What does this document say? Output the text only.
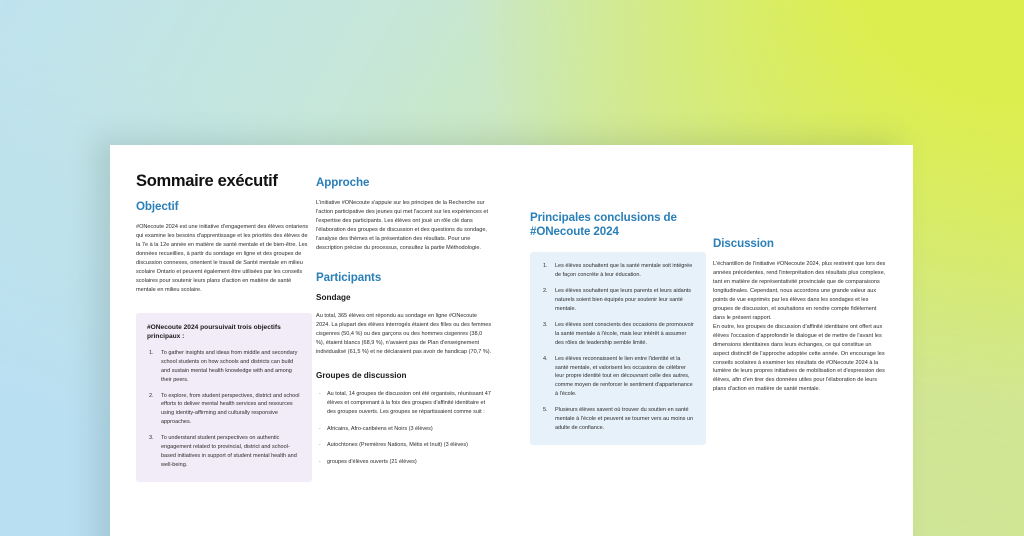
Sommaire exécutif
Objectif

#ONecoute 2024 est une initiative d'engagement des élèves ontariens qui examine les besoins d'apprentissage et les priorités des élèves de la 7e à la 12e année en matière de santé mentale et de bien-être. Les données recueillies, à partir du sondage en ligne et des groupes de discussion connexes, orientent le travail de Santé mentale en milieu scolaire Ontario et peuvent également être utilisées par les conseils scolaires pour soutenir leurs plans d'action en matière de santé mentale en milieu scolaire.

#ONecoute 2024 poursuivait trois objectifs principaux :
1. To gather insights and ideas from middle and secondary school students on how schools and districts can build and sustain mental health knowledge with and among their peers.
2. To explore, from student perspectives, district and school efforts to deliver mental health services and resources using identity-affirming and culturally responsive approaches.
3. To understand student perspectives on authentic engagement related to provincial, district and school-based initiatives in support of student mental health and well-being.
Approche

L'initiative #ONecoute s'appuie sur les principes de la Recherche sur l'action participative des jeunes qui met l'accent sur les expériences et l'expertise des participants. Les élèves ont joué un rôle clé dans l'élaboration des groupes de discussion et des questions du sondage, l'analyse des thèmes et la présentation des résultats. Pour une description précise du processus, consultez la partie Méthodologie.

Participants
Sondage

Au total, 365 élèves ont répondu au sondage en ligne #ONecoute 2024. La plupart des élèves interrogés étaient des filles ou des femmes cisgenres (50,4 %) ou des garçons ou des hommes cisgenres (38,0 %), étaient blancs (68,9 %), n'avaient pas de Plan d'enseignement individualisé (61,5 %) et ne déclaraient pas avoir de handicap (70,7 %).

Groupes de discussion
· Au total, 14 groupes de discussion ont été organisés, réunissant 47 élèves et comprenant à la fois des groupes d'affinité identitaire et des groupes ouverts. Les groupes se répartissaient comme suit :
· Africains, Afro-caribéens et Noirs (3 élèves)
· Autochtones (Premières Nations, Métis et Inuit) (3 élèves)
· groupes d'élèves ouverts (21 élèves)
Principales conclusions de #ONecoute 2024
1. Les élèves souhaitent que la santé mentale soit intégrée de façon concrète à leur éducation.
2. Les élèves souhaitent que leurs parents et leurs aidants naturels soient bien équipés pour soutenir leur santé mentale.
3. Les élèves sont conscients des occasions de promouvoir la santé mentale à l'école, mais leur intérêt à assumer des rôles de leadership semble limité.
4. Les élèves reconnaissent le lien entre l'identité et la santé mentale, et valorisent les occasions de célébrer leur propre identité tout en découvrant celle des autres, comme moyen de renforcer le sentiment d'appartenance à l'école.
5. Plusieurs élèves savent où trouver du soutien en santé mentale à l'école et peuvent se tourner vers au moins un adulte de confiance.
Discussion

L'échantillon de l'initiative #ONecoute 2024, plus restreint que lors des années précédentes, rend l'interprétation des résultats plus complexe, tant en matière de représentativité provinciale que de comparaisons longitudinales. Cependant, nous accordons une grande valeur aux points de vue exprimés par les élèves dans les sondages et les groupes de discussion, et souhaitons en rendre compte fidèlement dans le présent rapport.

En outre, les groupes de discussion d'affinité identitaire ont offert aux élèves l'occasion d'approfondir le dialogue et de mettre de l'avant les dimensions identitaires dans leurs échanges, ce qui constitue un aspect distinctif de l'approche adoptée cette année. On encourage les conseils scolaires à examiner les résultats de #ONecoute 2024 à la lumière de leurs propres initiatives de mobilisation et d'expression des élèves, afin d'en tirer des données utiles pour l'élaboration de leurs plans d'action en matière de santé mentale.
